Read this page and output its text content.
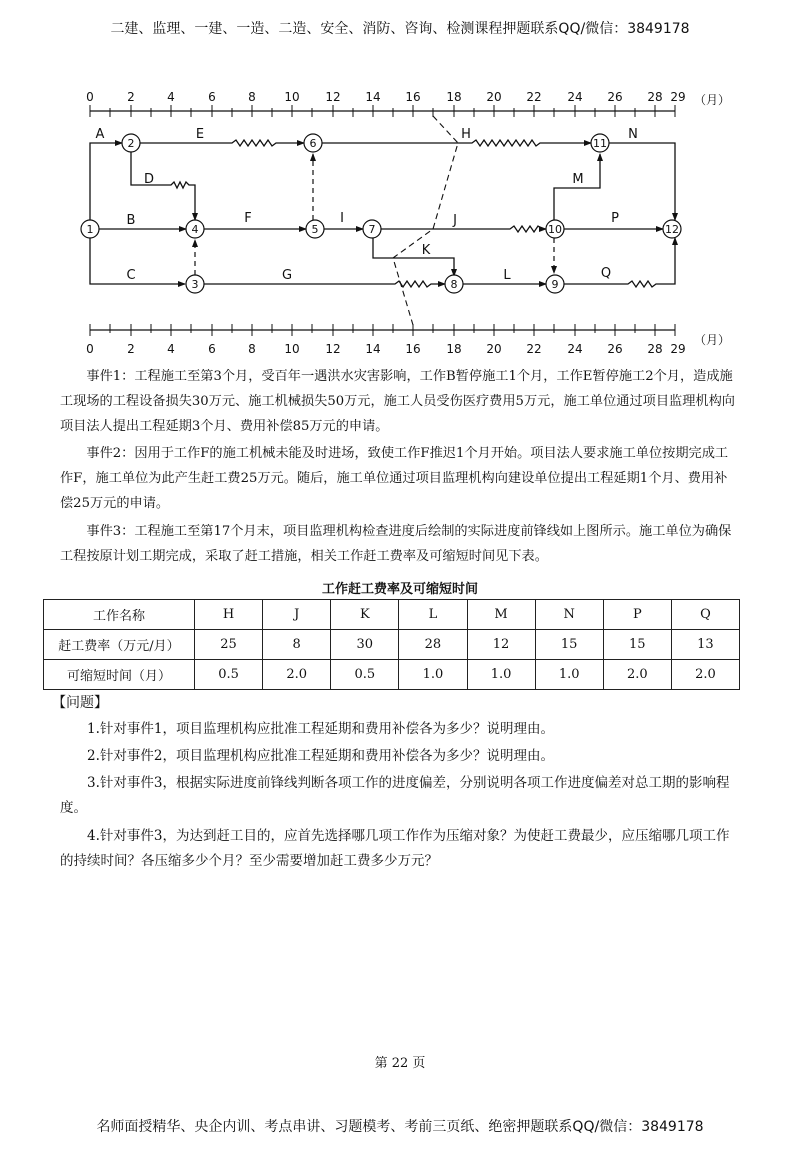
二建、监理、一建、一造、二造、安全、消防、咨询、检测课程押题联系QQ/微信：3849178
0	2	4	6	8 10 12 14 16 18 20 22 24 26 28 29 （月）
0	2	4	6	8 10 12 14 16 18 20 22 24 26 28 29
（月）
1
2
3
4	5
6
7
8	9
10
11
12
A	E	H	N
D	M
B	F	I	J	P
K
C	G	L	Q
事件1：工程施工至第3个月，受百年一遇洪水灾害影响，工作B暂停施工1个月，工作E暂停施工2个月，造成施工现场的工程设备损失30万元、施工机械损失50万元，施工人员受伤医疗费用5万元，施工单位通过项目监理机构向项目法人提出工程延期3个月、费用补偿85万元的申请。
事件2：因用于工作F的施工机械未能及时进场，致使工作F推迟1个月开始。项目法人要求施工单位按期完成工作F，施工单位为此产生赶工费25万元。随后，施工单位通过项目监理机构向建设单位提出工程延期1个月、费用补偿25万元的申请。
事件3：工程施工至第17个月末，项目监理机构检查进度后绘制的实际进度前锋线如上图所示。施工单位为确保工程按原计划工期完成，采取了赶工措施，相关工作赶工费率及可缩短时间见下表。
工作赶工费率及可缩短时间
工作名称	H	J	K	L	M	N	P	Q
赶工费率（万元/月）	25	8	30	28	12	15	15	13
可缩短时间（月）	0.5	2.0	0.5	1.0	1.0	1.0	2.0	2.0
【问题】
1.针对事件1，项目监理机构应批准工程延期和费用补偿各为多少？说明理由。
2.针对事件2，项目监理机构应批准工程延期和费用补偿各为多少？说明理由。
3.针对事件3，根据实际进度前锋线判断各项工作的进度偏差，分别说明各项工作进度偏差对总工期的影响程度。
4.针对事件3，为达到赶工目的，应首先选择哪几项工作作为压缩对象？为使赶工费最少，应压缩哪几项工作的持续时间？各压缩多少个月？至少需要增加赶工费多少万元？
第 22 页
名师面授精华、央企内训、考点串讲、习题模考、考前三页纸、绝密押题联系QQ/微信：3849178
